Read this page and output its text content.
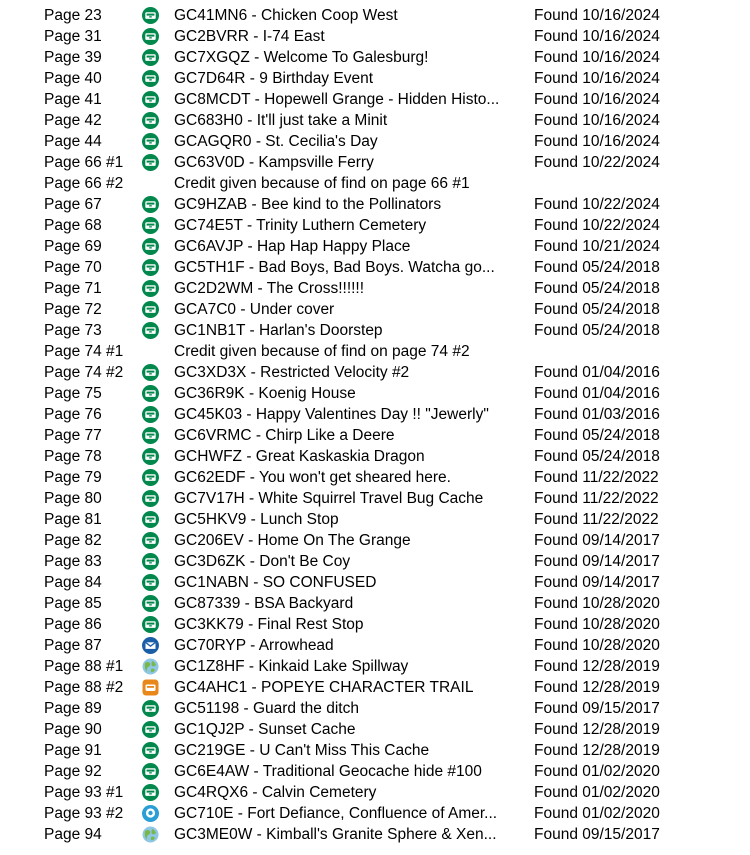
Page 23	GC41MN6 - Chicken Coop West	Found 10/16/2024
Page 31	GC2BVRR - I-74 East	Found 10/16/2024
Page 39	GC7XGQZ - Welcome To Galesburg!	Found 10/16/2024
Page 40	GC7D64R - 9 Birthday Event	Found 10/16/2024
Page 41	GC8MCDT - Hopewell Grange - Hidden Histo...	Found 10/16/2024
Page 42	GC683H0 - It'll just take a Minit	Found 10/16/2024
Page 44	GCAGQR0 - St. Cecilia's Day	Found 10/16/2024
Page 66 #1	GC63V0D - Kampsville Ferry	Found 10/22/2024
Page 66 #2	Credit given because of find on page 66 #1
Page 67	GC9HZAB - Bee kind to the Pollinators	Found 10/22/2024
Page 68	GC74E5T - Trinity Luthern Cemetery	Found 10/22/2024
Page 69	GC6AVJP - Hap Hap Happy Place	Found 10/21/2024
Page 70	GC5TH1F - Bad Boys, Bad Boys. Watcha go...	Found 05/24/2018
Page 71	GC2D2WM - The Cross!!!!!!	Found 05/24/2018
Page 72	GCA7C0 - Under cover	Found 05/24/2018
Page 73	GC1NB1T - Harlan's Doorstep	Found 05/24/2018
Page 74 #1	Credit given because of find on page 74 #2
Page 74 #2	GC3XD3X - Restricted Velocity #2	Found 01/04/2016
Page 75	GC36R9K - Koenig House	Found 01/04/2016
Page 76	GC45K03 - Happy Valentines Day !! "Jewerly"	Found 01/03/2016
Page 77	GC6VRMC - Chirp Like a Deere	Found 05/24/2018
Page 78	GCHWFZ - Great Kaskaskia Dragon	Found 05/24/2018
Page 79	GC62EDF - You won't get sheared here.	Found 11/22/2022
Page 80	GC7V17H - White Squirrel Travel Bug Cache	Found 11/22/2022
Page 81	GC5HKV9 - Lunch Stop	Found 11/22/2022
Page 82	GC206EV - Home On The Grange	Found 09/14/2017
Page 83	GC3D6ZK - Don't Be Coy	Found 09/14/2017
Page 84	GC1NABN - SO CONFUSED	Found 09/14/2017
Page 85	GC87339 - BSA Backyard	Found 10/28/2020
Page 86	GC3KK79 - Final Rest Stop	Found 10/28/2020
Page 87	GC70RYP - Arrowhead	Found 10/28/2020
Page 88 #1	GC1Z8HF - Kinkaid Lake Spillway	Found 12/28/2019
Page 88 #2	GC4AHC1 - POPEYE CHARACTER TRAIL	Found 12/28/2019
Page 89	GC51198 - Guard the ditch	Found 09/15/2017
Page 90	GC1QJ2P - Sunset Cache	Found 12/28/2019
Page 91	GC219GE - U Can't Miss This Cache	Found 12/28/2019
Page 92	GC6E4AW - Traditional Geocache hide #100	Found 01/02/2020
Page 93 #1	GC4RQX6 - Calvin Cemetery	Found 01/02/2020
Page 93 #2	GC710E - Fort Defiance, Confluence of Amer...	Found 01/02/2020
Page 94	GC3ME0W - Kimball's Granite Sphere & Xen...	Found 09/15/2017
